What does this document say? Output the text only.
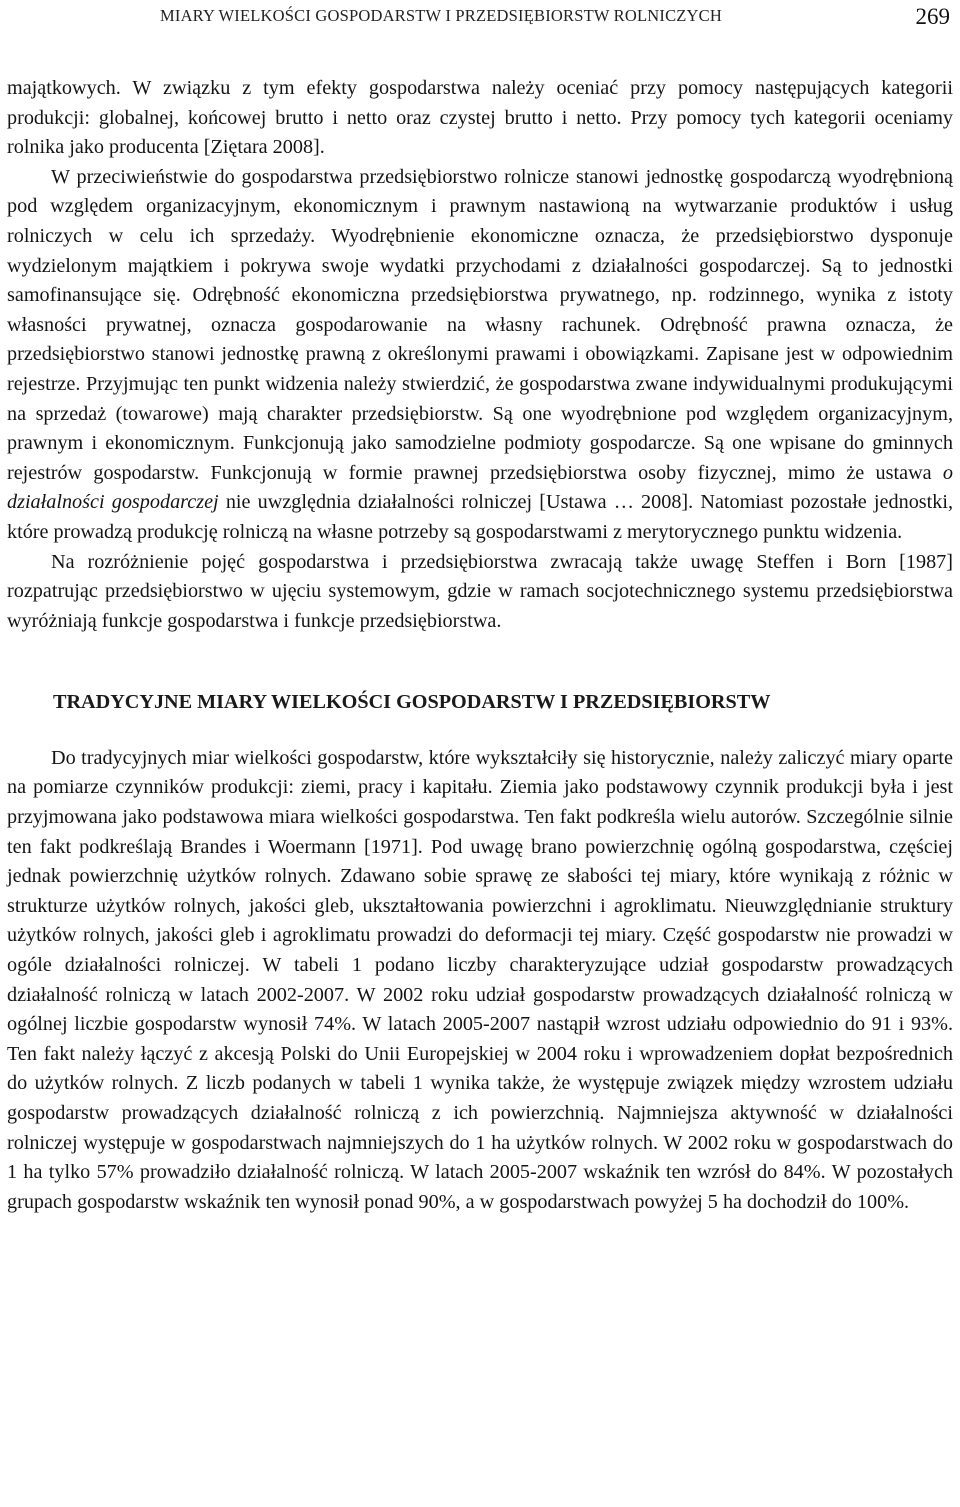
MIARY WIELKOŚCI GOSPODARSTW I PRZEDSIĘBIORSTW ROLNICZYCH	269

majątkowych. W związku z tym efekty gospodarstwa należy oceniać przy pomocy następujących kategorii produkcji: globalnej, końcowej brutto i netto oraz czystej brutto i netto. Przy pomocy tych kategorii oceniamy rolnika jako producenta [Ziętara 2008].

W przeciwieństwie do gospodarstwa przedsiębiorstwo rolnicze stanowi jednostkę gospodarczą wyodrębnioną pod względem organizacyjnym, ekonomicznym i prawnym nastawioną na wytwarzanie produktów i usług rolniczych w celu ich sprzedaży. Wyodrębnienie ekonomiczne oznacza, że przedsiębiorstwo dysponuje wydzielonym majątkiem i pokrywa swoje wydatki przychodami z działalności gospodarczej. Są to jednostki samofinansujące się. Odrębność ekonomiczna przedsiębiorstwa prywatnego, np. rodzinnego, wynika z istoty własności prywatnej, oznacza gospodarowanie na własny rachunek. Odrębność prawna oznacza, że przedsiębiorstwo stanowi jednostkę prawną z określonymi prawami i obowiązkami. Zapisane jest w odpowiednim rejestrze. Przyjmując ten punkt widzenia należy stwierdzić, że gospodarstwa zwane indywidualnymi produkującymi na sprzedaż (towarowe) mają charakter przedsiębiorstw. Są one wyodrębnione pod względem organizacyjnym, prawnym i ekonomicznym. Funkcjonują jako samodzielne podmioty gospodarcze. Są one wpisane do gminnych rejestrów gospodarstw. Funkcjonują w formie prawnej przedsiębiorstwa osoby fizycznej, mimo że ustawa o działalności gospodarczej nie uwzględnia działalności rolniczej [Ustawa … 2008]. Natomiast pozostałe jednostki, które prowadzą produkcję rolniczą na własne potrzeby są gospodarstwami z merytorycznego punktu widzenia.

Na rozróżnienie pojęć gospodarstwa i przedsiębiorstwa zwracają także uwagę Steffen i Born [1987] rozpatrując przedsiębiorstwo w ujęciu systemowym, gdzie w ramach socjotechnicznego systemu przedsiębiorstwa wyróżniają funkcje gospodarstwa i funkcje przedsiębiorstwa.

TRADYCYJNE MIARY WIELKOŚCI GOSPODARSTW I PRZEDSIĘBIORSTW

Do tradycyjnych miar wielkości gospodarstw, które wykształciły się historycznie, należy zaliczyć miary oparte na pomiarze czynników produkcji: ziemi, pracy i kapitału. Ziemia jako podstawowy czynnik produkcji była i jest przyjmowana jako podstawowa miara wielkości gospodarstwa. Ten fakt podkreśla wielu autorów. Szczególnie silnie ten fakt podkreślają Brandes i Woermann [1971]. Pod uwagę brano powierzchnię ogólną gospodarstwa, częściej jednak powierzchnię użytków rolnych. Zdawano sobie sprawę ze słabości tej miary, które wynikają z różnic w strukturze użytków rolnych, jakości gleb, ukształtowania powierzchni i agroklimatu. Nieuwzględnianie struktury użytków rolnych, jakości gleb i agroklimatu prowadzi do deformacji tej miary. Część gospodarstw nie prowadzi w ogóle działalności rolniczej. W tabeli 1 podano liczby charakteryzujące udział gospodarstw prowadzących działalność rolniczą w latach 2002-2007. W 2002 roku udział gospodarstw prowadzących działalność rolniczą w ogólnej liczbie gospodarstw wynosił 74%. W latach 2005-2007 nastąpił wzrost udziału odpowiednio do 91 i 93%. Ten fakt należy łączyć z akcesją Polski do Unii Europejskiej w 2004 roku i wprowadzeniem dopłat bezpośrednich do użytków rolnych. Z liczb podanych w tabeli 1 wynika także, że występuje związek między wzrostem udziału gospodarstw prowadzących działalność rolniczą z ich powierzchnią. Najmniejsza aktywność w działalności rolniczej występuje w gospodarstwach najmniejszych do 1 ha użytków rolnych. W 2002 roku w gospodarstwach do 1 ha tylko 57% prowadziło działalność rolniczą. W latach 2005-2007 wskaźnik ten wzrósł do 84%. W pozostałych grupach gospodarstw wskaźnik ten wynosił ponad 90%, a w gospodarstwach powyżej 5 ha dochodził do 100%.
